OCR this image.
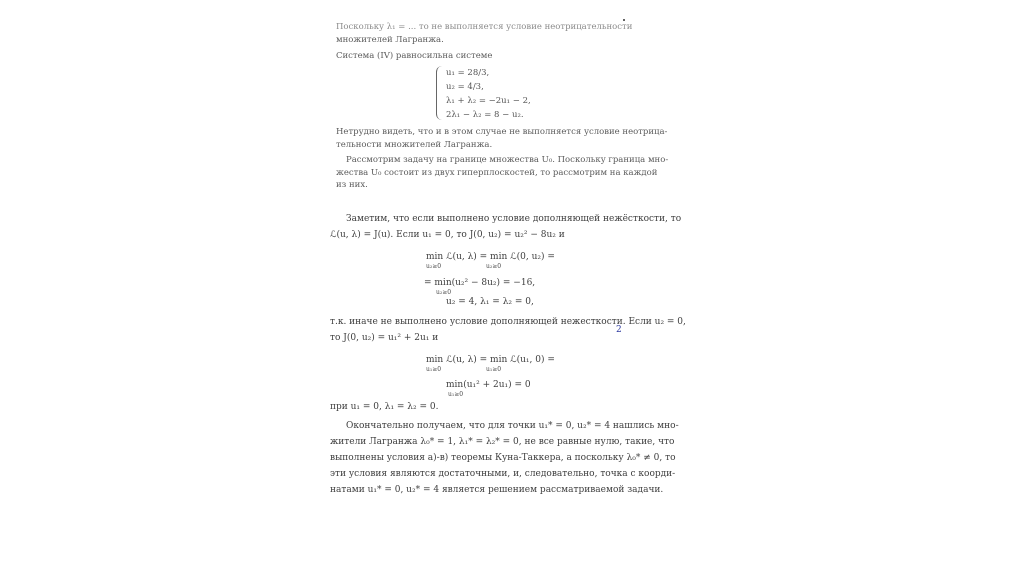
Поскольку λ₁ = ... то не выполняется условие неотрицательности

множителей Лагранжа.

Система (IV) равносильна системе

u₁ = 28/3,
u₂ = 4/3,
λ₁ + λ₂ = −2u₁ − 2,
2λ₁ − λ₂ = 8 − u₂.

Нетрудно видеть, что и в этом случае не выполняется условие неотрица-

тельности множителей Лагранжа.

Рассмотрим задачу на границе множества U₀. Поскольку граница мно-

жества U₀ состоит из двух гиперплоскостей, то рассмотрим на каждой

из них.

Заметим, что если выполнено условие дополняющей нежёсткости, то

ℒ(u, λ) = J(u). Если u₁ = 0, то J(0, u₂) = u₂² − 8u₂ и

min ℒ(u, λ) = min ℒ(0, u₂) =
u₂≥0	u₂≥0
= min(u₂² − 8u₂) = −16,
u₂≥0
u₂ = 4, λ₁ = λ₂ = 0,

т.к. иначе не выполнено условие дополняющей нежесткости. Если u₂ = 0,

2

то J(0, u₂) = u₁² + 2u₁ и

min ℒ(u, λ) = min ℒ(u₁, 0) =
u₁≥0	u₁≥0
min(u₁² + 2u₁) = 0
u₁≥0

при u₁ = 0, λ₁ = λ₂ = 0.

Окончательно получаем, что для точки u₁* = 0, u₂* = 4 нашлись мно-

жители Лагранжа λ₀* = 1, λ₁* = λ₂* = 0, не все равные нулю, такие, что

выполнены условия а)-в) теоремы Куна-Таккера, а поскольку λ₀* ≠ 0, то

эти условия являются достаточными, и, следовательно, точка с коорди-

натами u₁* = 0, u₂* = 4 является решением рассматриваемой задачи.
